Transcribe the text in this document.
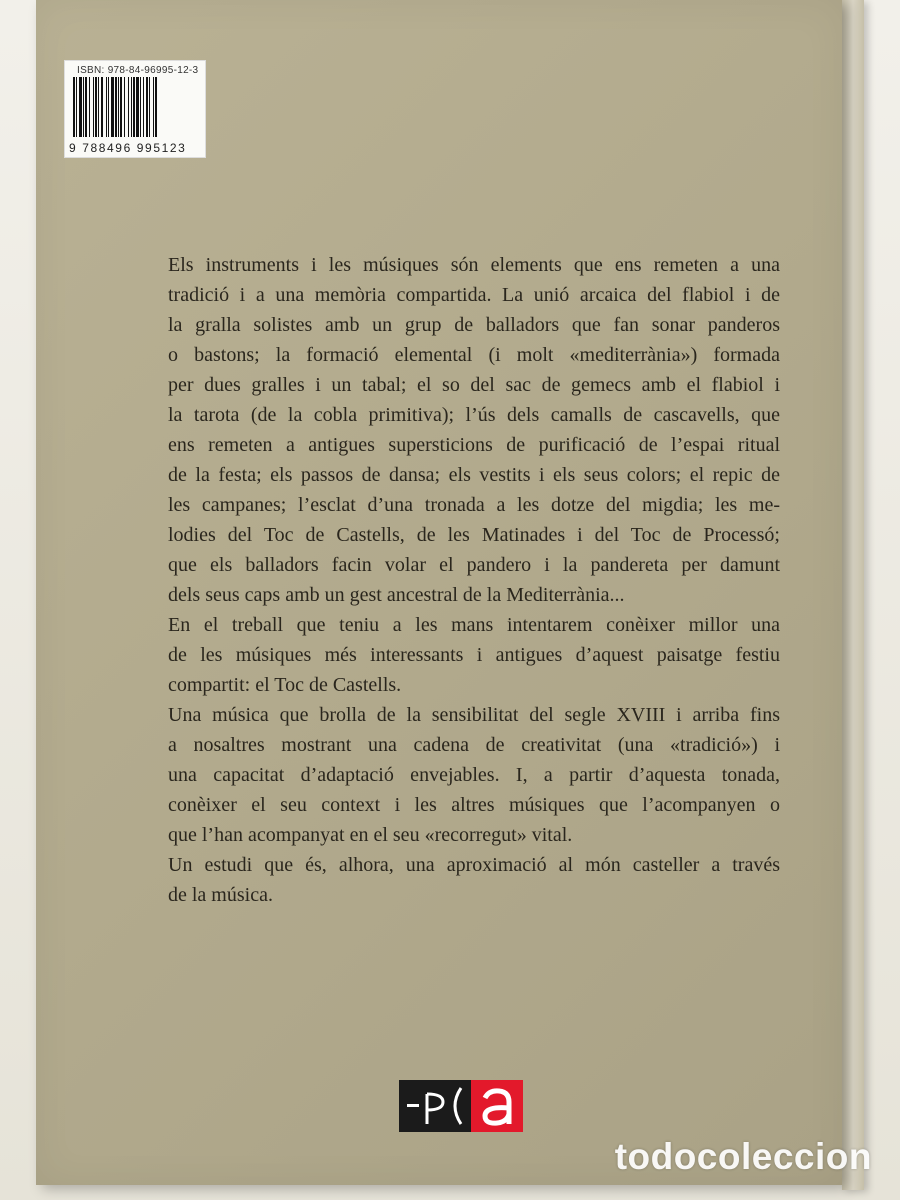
ISBN: 978-84-96995-12-3
9 788496 995123

Els instruments i les músiques són elements que ens remeten a una
tradició i a una memòria compartida. La unió arcaica del flabiol i de
la gralla solistes amb un grup de balladors que fan sonar panderos
o bastons; la formació elemental (i molt «mediterrània») formada
per dues gralles i un tabal; el so del sac de gemecs amb el flabiol i
la tarota (de la cobla primitiva); l’ús dels camalls de cascavells, que
ens remeten a antigues supersticions de purificació de l’espai ritual
de la festa; els passos de dansa; els vestits i els seus colors; el repic de
les campanes; l’esclat d’una tronada a les dotze del migdia; les me-
lodies del Toc de Castells, de les Matinades i del Toc de Processó;
que els balladors facin volar el pandero i la pandereta per damunt
dels seus caps amb un gest ancestral de la Mediterrània...

En el treball que teniu a les mans intentarem conèixer millor una
de les músiques més interessants i antigues d’aquest paisatge festiu
compartit: el Toc de Castells.

Una música que brolla de la sensibilitat del segle XVIII i arriba fins
a nosaltres mostrant una cadena de creativitat (una «tradició») i
una capacitat d’adaptació envejables. I, a partir d’aquesta tonada,
conèixer el seu context i les altres músiques que l’acompanyen o
que l’han acompanyat en el seu «recorregut» vital.

Un estudi que és, alhora, una aproximació al món casteller a través
de la música.

todocoleccion
